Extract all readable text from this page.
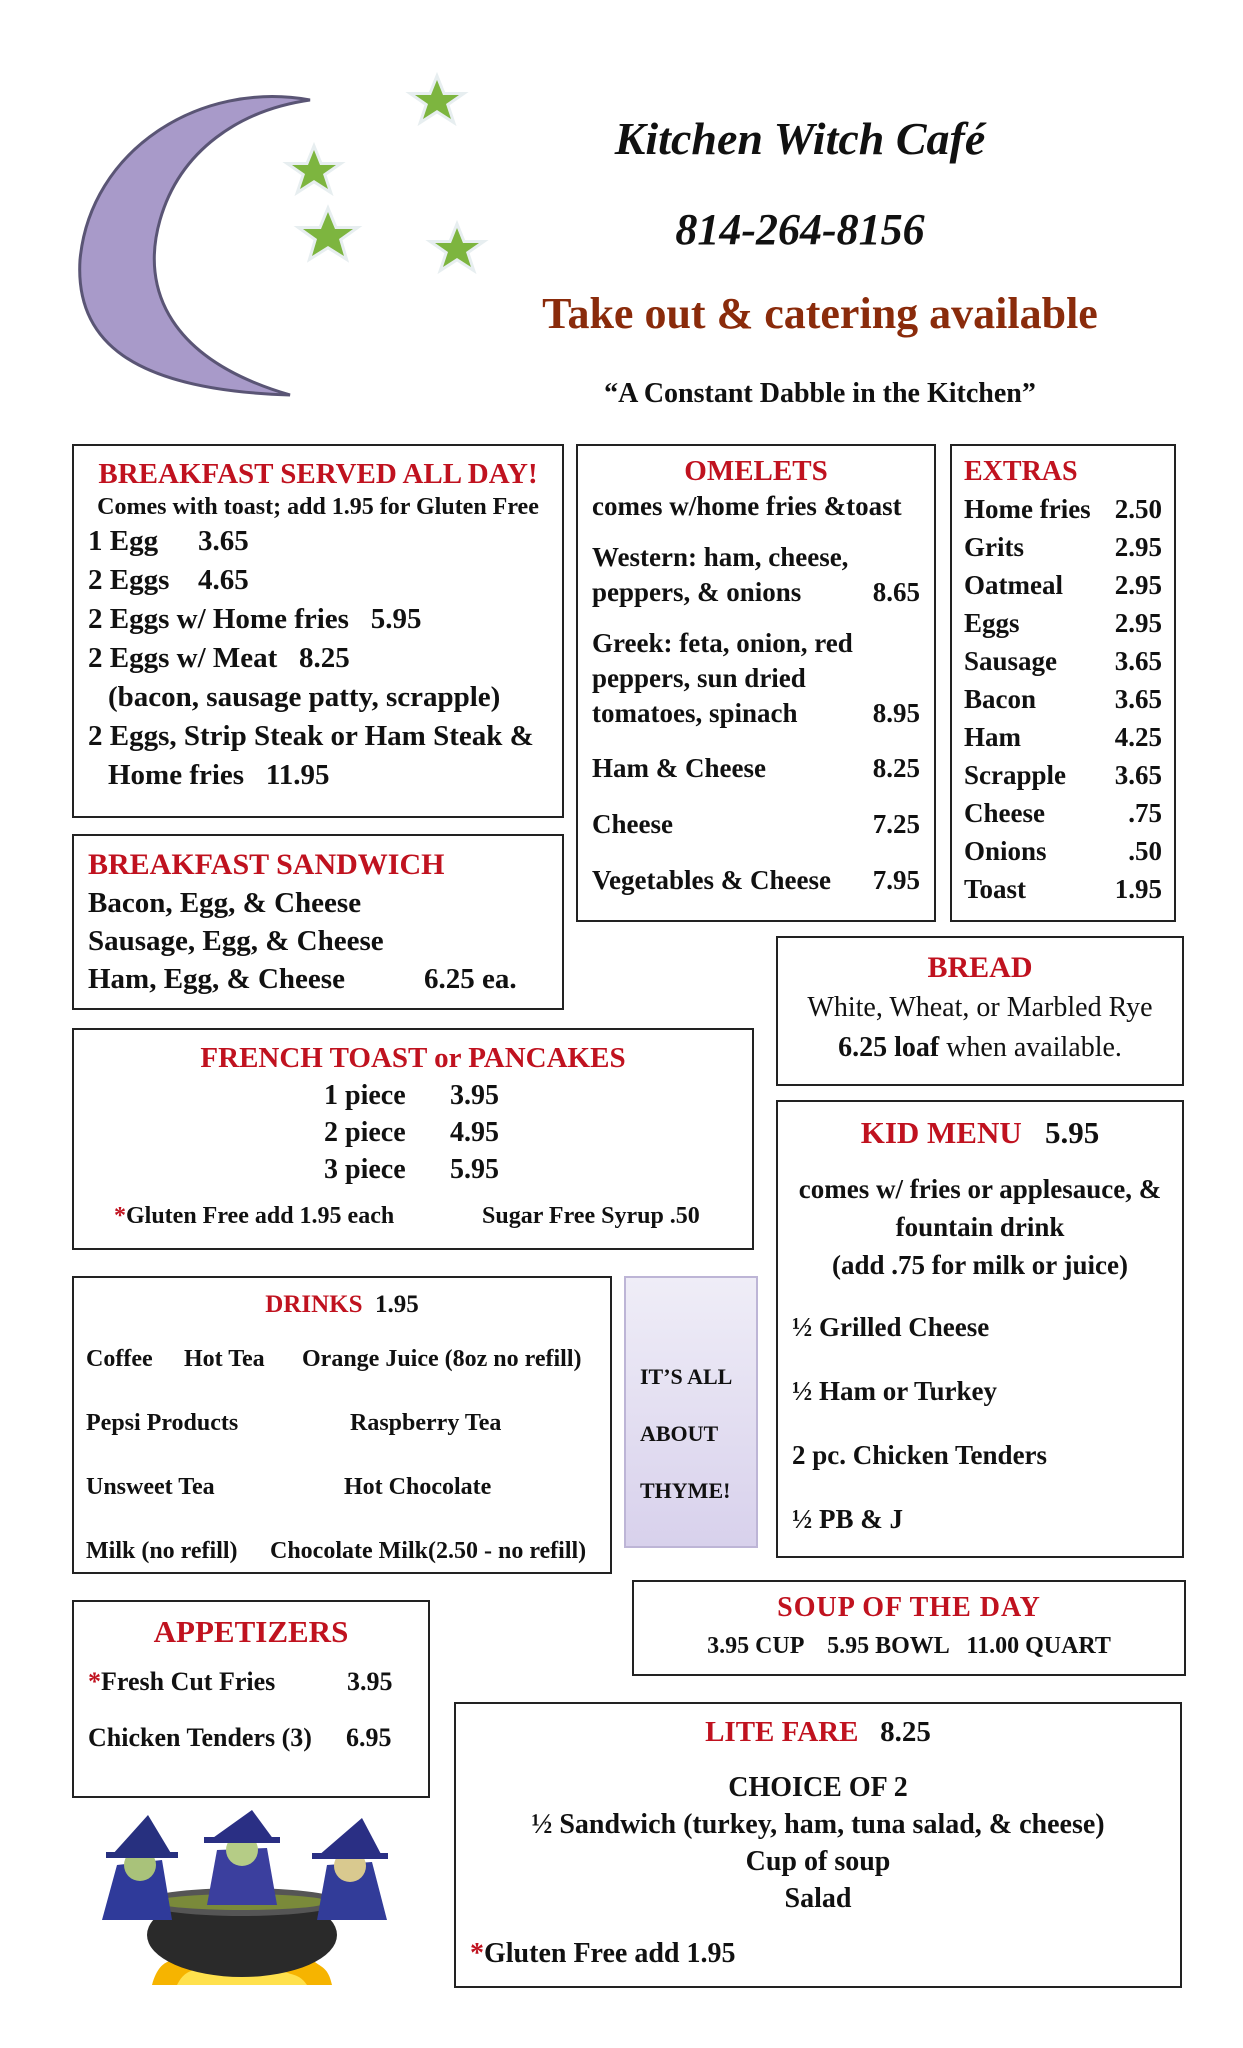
Kitchen Witch Café
814-264-8156
Take out & catering available
“A Constant Dabble in the Kitchen”
BREAKFAST SERVED ALL DAY!
Comes with toast; add 1.95 for Gluten Free
1 Egg 3.65
2 Eggs 4.65
2 Eggs w/ Home fries 5.95
2 Eggs w/ Meat 8.25
(bacon, sausage patty, scrapple)
2 Eggs, Strip Steak or Ham Steak &
Home fries 11.95
BREAKFAST SANDWICH
Bacon, Egg, & Cheese
Sausage, Egg, & Cheese
Ham, Egg, & Cheese	6.25 ea.
OMELETS
comes w/home fries &toast
Western: ham, cheese,
peppers, & onions	8.65
Greek: feta, onion, red
peppers, sun dried
tomatoes, spinach	8.95
Ham & Cheese	8.25
Cheese	7.25
Vegetables & Cheese 7.95
EXTRAS
Home fries 2.50
Grits	2.95
Oatmeal 2.95
Eggs	2.95
Sausage 3.65
Bacon	3.65
Ham	4.25
Scrapple 3.65
Cheese	.75
Onions	.50
Toast	1.95
BREAD
White, Wheat, or Marbled Rye
6.25 loaf when available.
FRENCH TOAST or PANCAKES
1 piece 3.95
2 piece 4.95
3 piece 5.95
*Gluten Free add 1.95 each	Sugar Free Syrup .50
KID MENU 5.95
comes w/ fries or applesauce, &
fountain drink
(add .75 for milk or juice)
½ Grilled Cheese
½ Ham or Turkey
2 pc. Chicken Tenders
½ PB & J
DRINKS 1.95
Coffee Hot Tea Orange Juice (8oz no refill)
Pepsi Products	Raspberry Tea
Unsweet Tea	Hot Chocolate
Milk (no refill) Chocolate Milk(2.50 - no refill)
IT’S ALL
ABOUT
THYME!
SOUP OF THE DAY
3.95 CUP    5.95 BOWL   11.00 QUART
APPETIZERS
*Fresh Cut Fries	3.95
Chicken Tenders (3) 6.95	LITE FARE 8.25
CHOICE OF 2
½ Sandwich (turkey, ham, tuna salad, & cheese)
Cup of soup
Salad
*Gluten Free add 1.95
